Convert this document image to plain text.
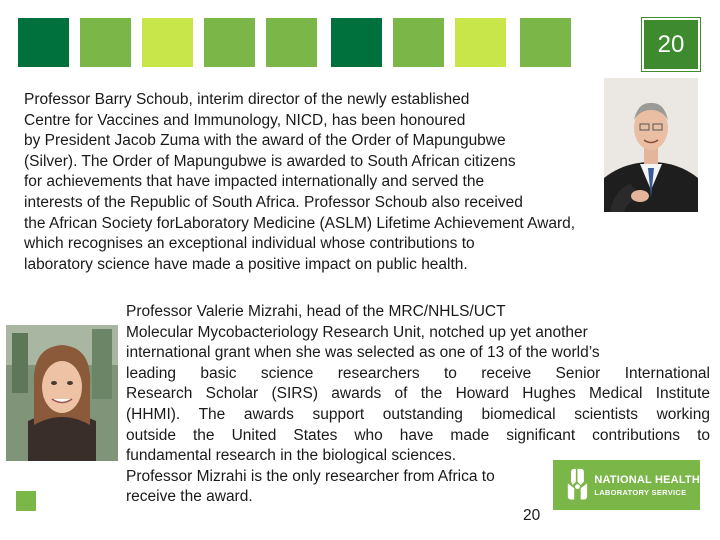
20

Professor Barry Schoub, interim director of the newly established
Centre for Vaccines and Immunology, NICD, has been honoured
by President Jacob Zuma with the award of the Order of Mapungubwe
(Silver). The Order of Mapungubwe is awarded to South African citizens
for achievements that have impacted internationally and served the
interests of the Republic of South Africa. Professor Schoub also received
the African Society forLaboratory Medicine (ASLM) Lifetime Achievement Award,
which recognises an exceptional individual whose contributions to
laboratory science have made a positive impact on public health.

Professor Valerie Mizrahi, head of the MRC/NHLS/UCT
Molecular Mycobacteriology Research Unit, notched up yet another
international grant when she was selected as one of 13 of the world’s
leading basic science researchers to receive Senior International
Research Scholar (SIRS) awards of the Howard Hughes Medical Institute
(HHMI). The awards support outstanding biomedical scientists working
outside the United States who have made significant contributions to
fundamental research in the biological sciences.
Professor Mizrahi is the only researcher from Africa to
receive the award.

NATIONAL HEALTH
LABORATORY SERVICE
20
